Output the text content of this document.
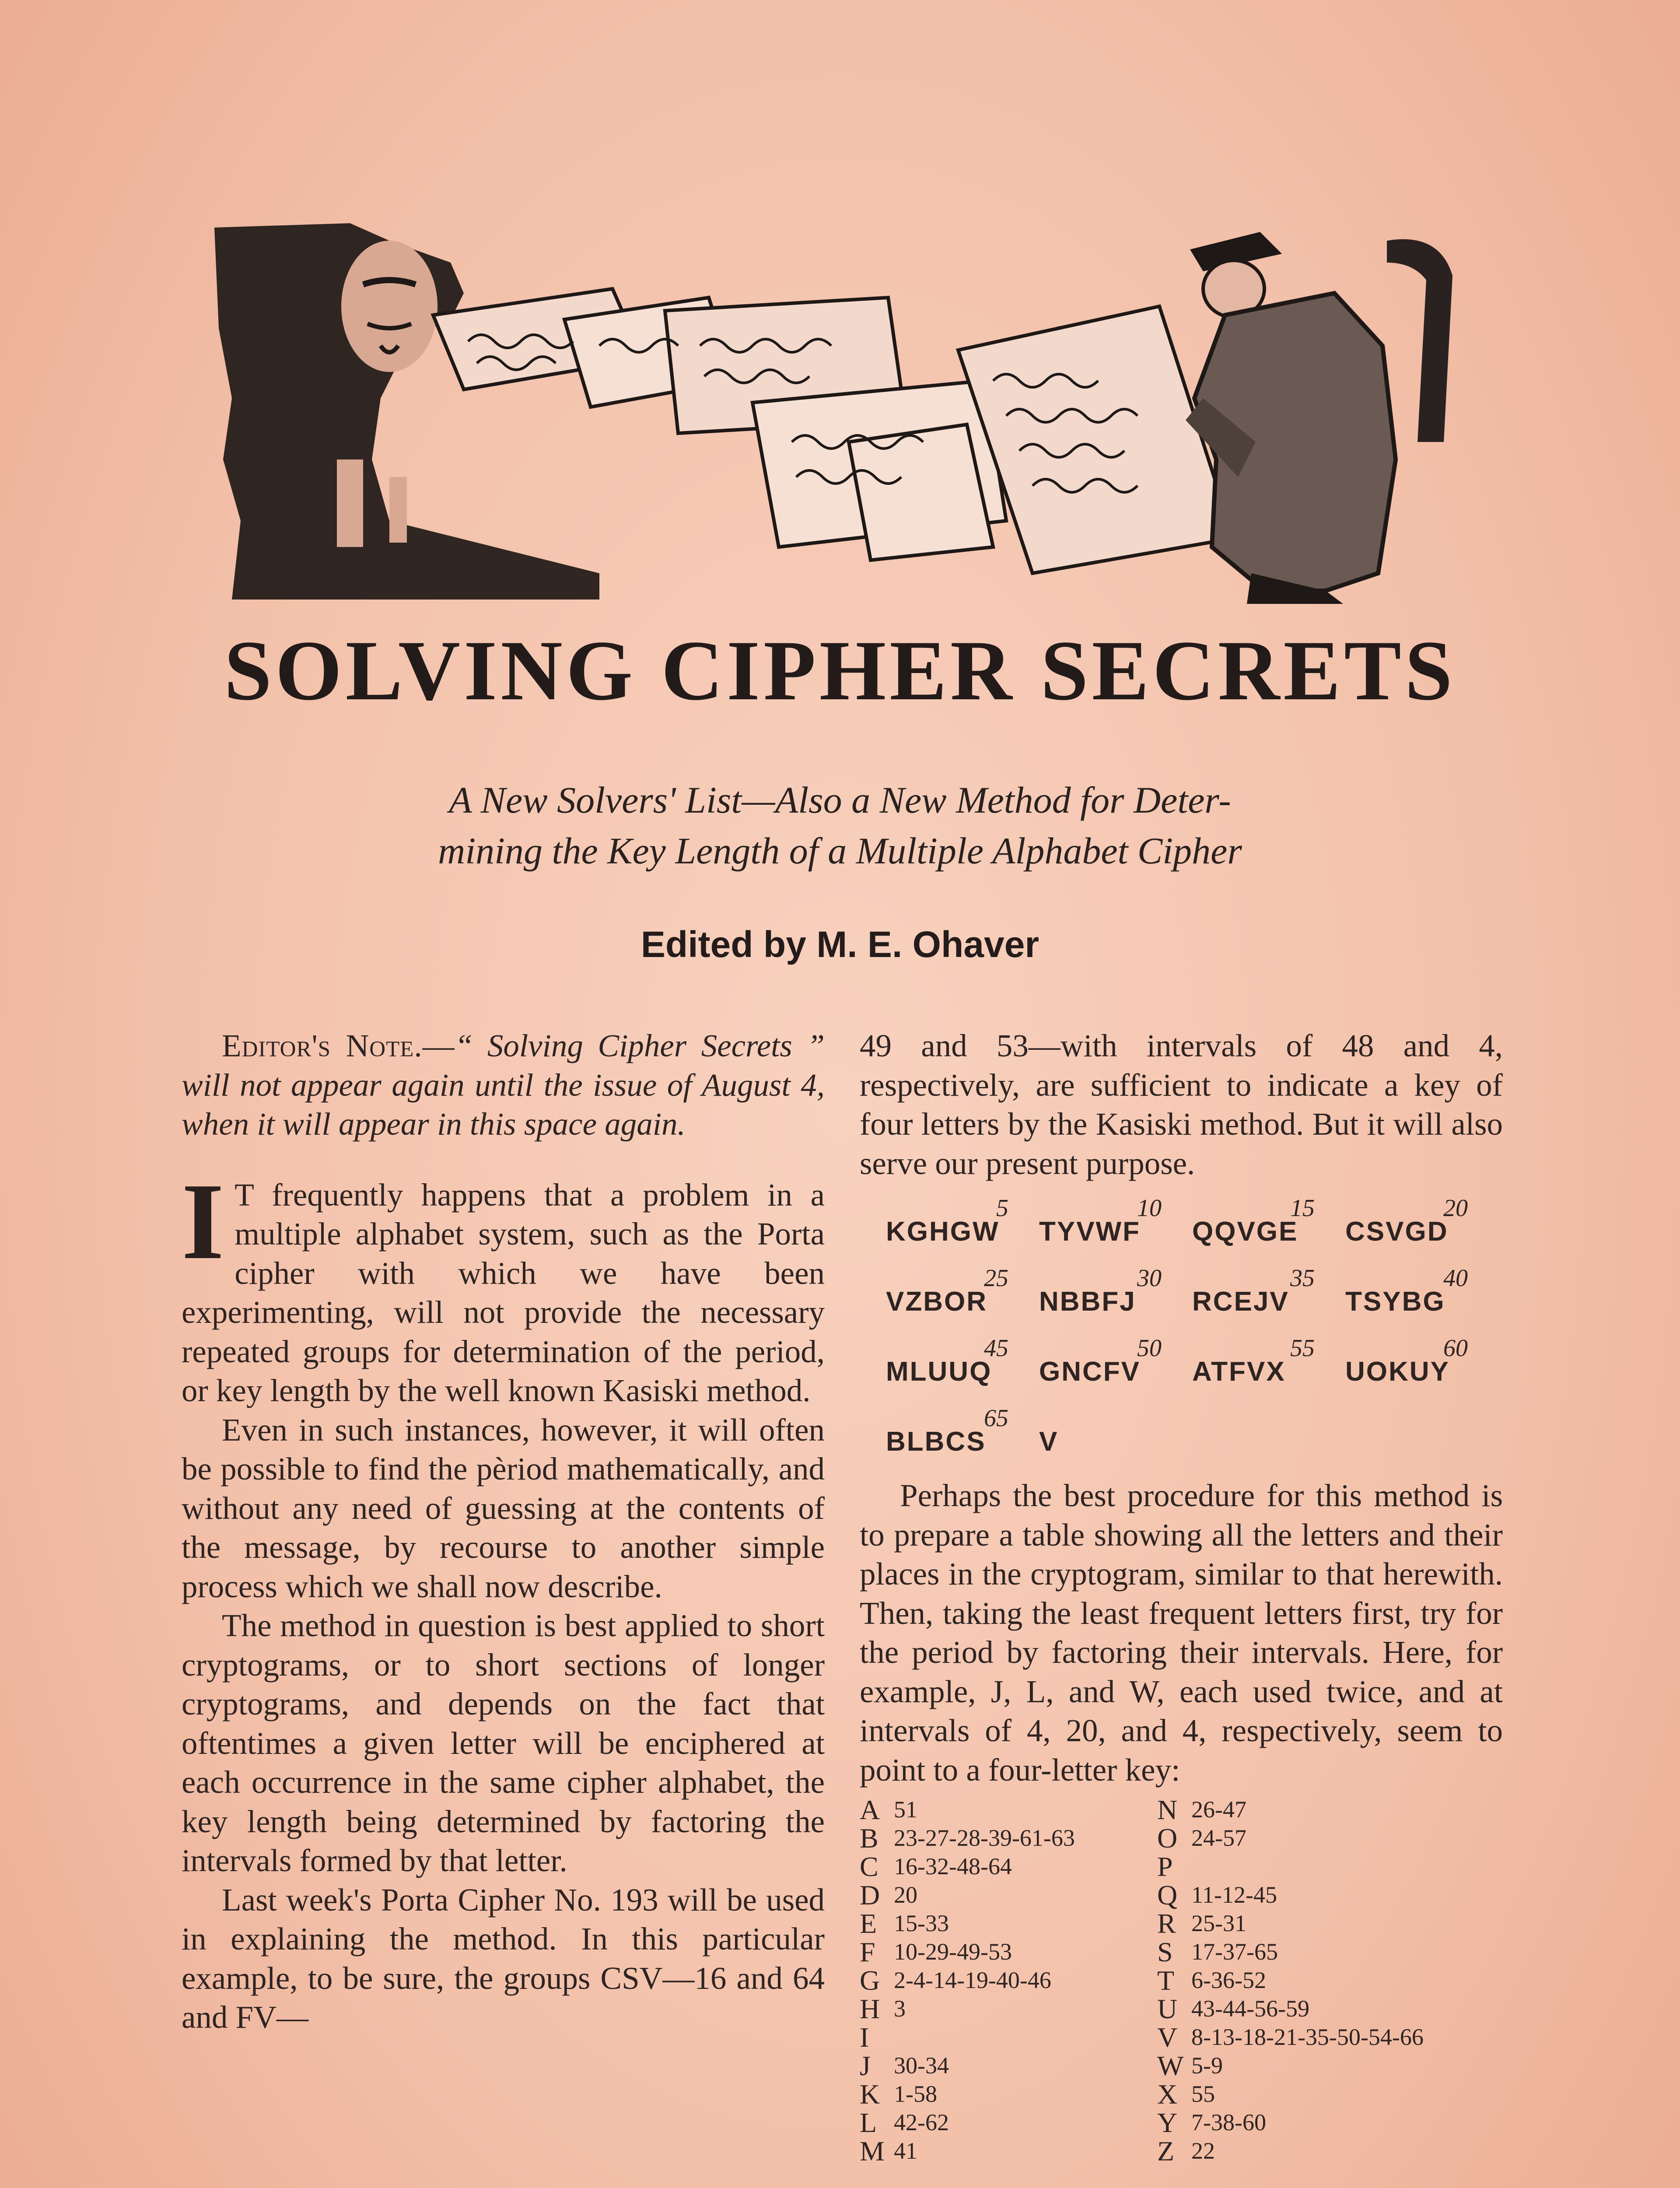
SOLVING CIPHER SECRETS
A New Solvers' List—Also a New Method for Deter-
mining the Key Length of a Multiple Alphabet Cipher
Edited by M. E. Ohaver

Editor's Note.—“ Solving Cipher Secrets ” will not appear again until the issue of August 4, when it will appear in this space again.

I T frequently happens that a problem in a multiple alphabet system, such as the Porta cipher with which we have been experimenting, will not provide the necessary repeated groups for determination of the period, or key length by the well known Kasiski method.

Even in such instances, however, it will often be possible to find the pèriod mathematically, and without any need of guessing at the contents of the message, by recourse to another simple process which we shall now describe.

The method in question is best applied to short cryptograms, or to short sections of longer cryptograms, and depends on the fact that oftentimes a given letter will be enciphered at each occurrence in the same cipher alphabet, the key length being determined by factoring the intervals formed by that letter.

Last week's Porta Cipher No. 193 will be used in explaining the method. In this particular example, to be sure, the groups CSV—16 and 64 and FV—

49 and 53—with intervals of 48 and 4, respectively, are sufficient to indicate a key of four letters by the Kasiski method. But it will also serve our present purpose.

5
KGHGW
10
TYVWF
15
QQVGE
20
CSVGD
25
VZBOR
30
NBBFJ
35
RCEJV
40
TSYBG
45
MLUUQ
50
GNCFV
55
ATFVX
60
UOKUY
65
BLBCS V

Perhaps the best procedure for this method is to prepare a table showing all the letters and their places in the cryptogram, similar to that herewith. Then, taking the least frequent letters first, try for the period by factoring their intervals. Here, for example, J, L, and W, each used twice, and at intervals of 4, 20, and 4, respectively, seem to point to a four-letter key:

A 51
B 23-27-28-39-61-63
C 16-32-48-64
D 20
E 15-33
F 10-29-49-53
G 2-4-14-19-40-46
H 3
I
J 30-34
K 1-58
L 42-62
M 41
N 26-47
O 24-57
P
Q 11-12-45
R 25-31
S 17-37-65
T 6-36-52
U 43-44-56-59
V 8-13-18-21-35-50-54-66
W 5-9
X 55
Y 7-38-60
Z 22
